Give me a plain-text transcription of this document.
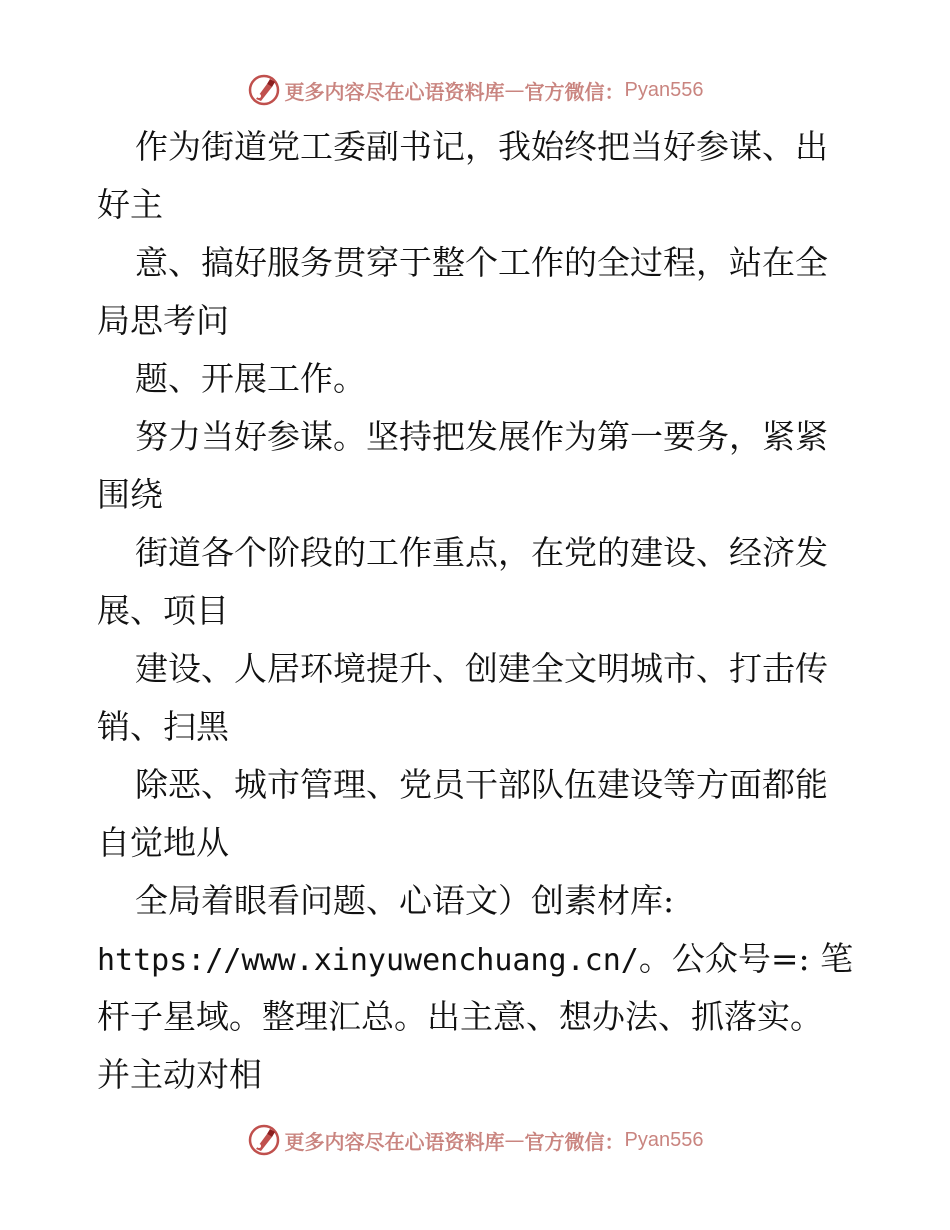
更多内容尽在心语资料库 — 官方微信： Pyan556
作为街道党工委副书记，我始终把当好参谋、出
好主
意、搞好服务贯穿于整个工作的全过程，站在全
局思考问
题、开展工作。
努力当好参谋。坚持把发展作为第一要务，紧紧
围绕
街道各个阶段的工作重点，在党的建设、经济发
展、项目
建设、人居环境提升、创建全文明城市、打击传
销、扫黑
除恶、城市管理、党员干部队伍建设等方面都能
自觉地从
全局着眼看问题、心语文）创素材库:
https://www.xinyuwenchuang.cn/。公众号=: 笔
杆子星域。整理汇总。出主意、想办法、抓落实。
并主动对相
更多内容尽在心语资料库 — 官方微信： Pyan556
